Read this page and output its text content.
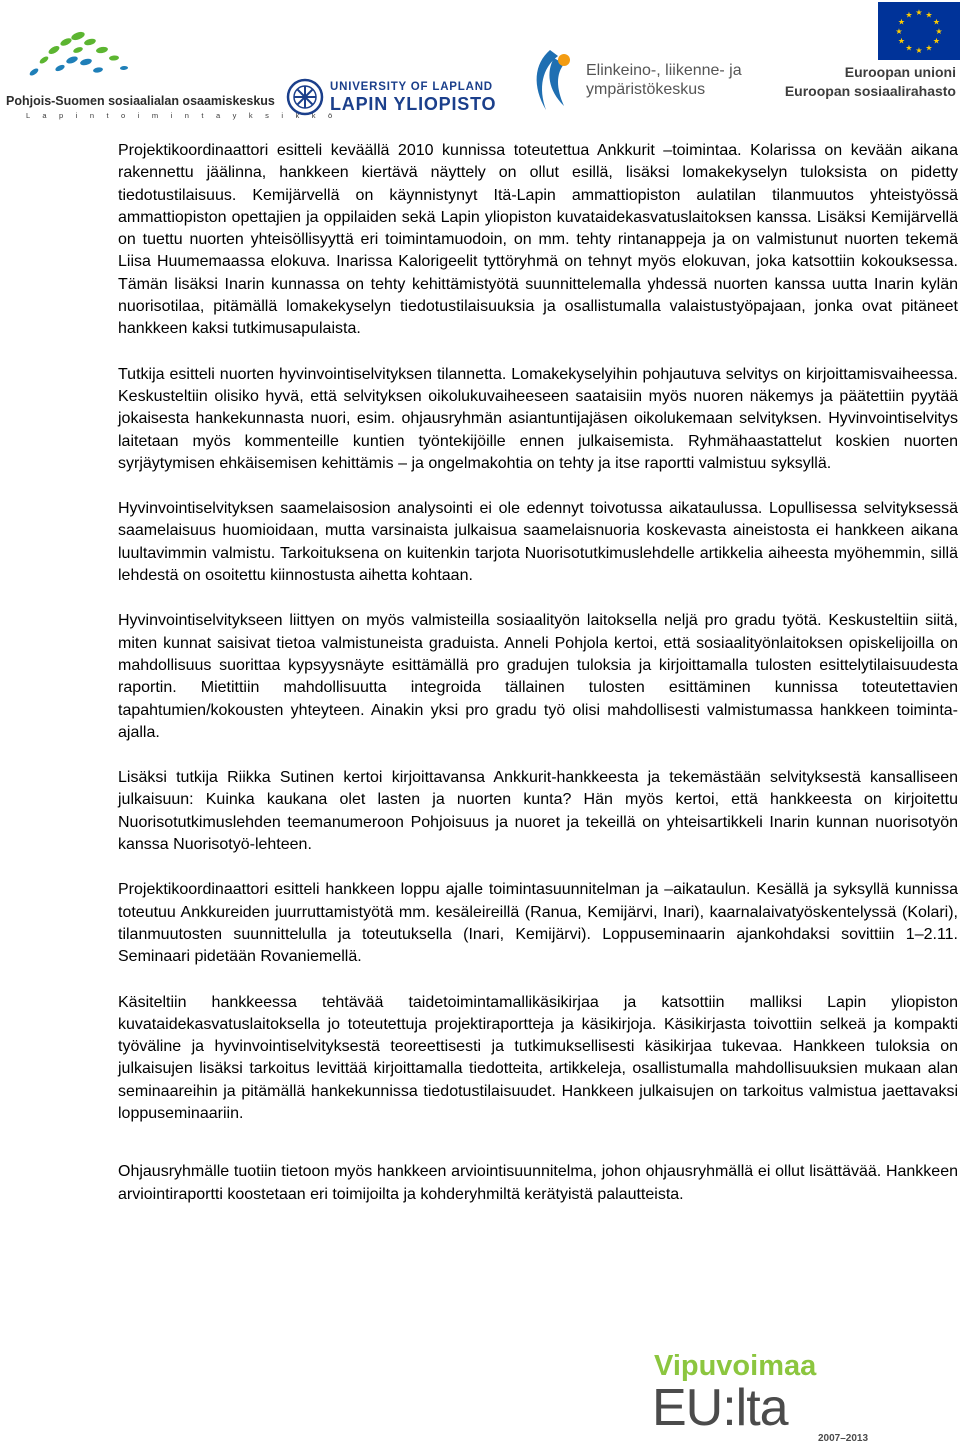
Pohjois-Suomen sosiaalialan osaamiskeskus
L a p i n t o i m i n t a y k s i k k ö
UNIVERSITY OF LAPLAND
LAPIN YLIOPISTO
Elinkeino-, liikenne- ja
ympäristökeskus
★ ★
★
★
★
★
★
★
★
★
★
★
Euroopan unioni
Euroopan sosiaalirahasto

Projektikoordinaattori esitteli keväällä 2010 kunnissa toteutettua Ankkurit –toimintaa. Kolarissa on kevään aikana rakennettu jäälinna, hankkeen kiertävä näyttely on ollut esillä, lisäksi lomakekyselyn tuloksista on pidetty tiedotustilaisuus. Kemijärvellä on käynnistynyt Itä-Lapin ammattiopiston aulatilan tilanmuutos yhteistyössä ammattiopiston opettajien ja oppilaiden sekä Lapin yliopiston kuvataidekasvatuslaitoksen kanssa. Lisäksi Kemijärvellä on tuettu nuorten yhteisöllisyyttä eri toimintamuodoin, on mm. tehty rintanappeja ja on valmistunut nuorten tekemä Liisa Huumemaassa elokuva. Inarissa Kalorigeelit tyttöryhmä on tehnyt myös elokuvan, joka katsottiin kokouksessa. Tämän lisäksi Inarin kunnassa on tehty kehittämistyötä suunnittelemalla yhdessä nuorten kanssa uutta Inarin kylän nuorisotilaa, pitämällä lomakekyselyn tiedotustilaisuuksia ja osallistumalla valaistustyöpajaan, jonka ovat pitäneet hankkeen kaksi tutkimusapulaista.

Tutkija esitteli nuorten hyvinvointiselvityksen tilannetta. Lomakekyselyihin pohjautuva selvitys on kirjoittamisvaiheessa. Keskusteltiin olisiko hyvä, että selvityksen oikolukuvaiheeseen saataisiin myös nuoren näkemys ja päätettiin pyytää jokaisesta hankekunnasta nuori, esim. ohjausryhmän asiantuntijajäsen oikolukemaan selvityksen. Hyvinvointiselvitys laitetaan myös kommenteille kuntien työntekijöille ennen julkaisemista. Ryhmähaastattelut koskien nuorten syrjäytymisen ehkäisemisen kehittämis – ja ongelmakohtia on tehty ja itse raportti valmistuu syksyllä.

Hyvinvointiselvityksen saamelaisosion analysointi ei ole edennyt toivotussa aikataulussa. Lopullisessa selvityksessä saamelaisuus huomioidaan, mutta varsinaista julkaisua saamelaisnuoria koskevasta aineistosta ei hankkeen aikana luultavimmin valmistu. Tarkoituksena on kuitenkin tarjota Nuorisotutkimuslehdelle artikkelia aiheesta myöhemmin, sillä lehdestä on osoitettu kiinnostusta aihetta kohtaan.

Hyvinvointiselvitykseen liittyen on myös valmisteilla sosiaalityön laitoksella neljä pro gradu työtä. Keskusteltiin siitä, miten kunnat saisivat tietoa valmistuneista graduista. Anneli Pohjola kertoi, että sosiaalityönlaitoksen opiskelijoilla on mahdollisuus suorittaa kypsyysnäyte esittämällä pro gradujen tuloksia ja kirjoittamalla tulosten esittelytilaisuudesta raportin. Mietittiin mahdollisuutta integroida tällainen tulosten esittäminen kunnissa toteutettavien tapahtumien/kokousten yhteyteen. Ainakin yksi pro gradu työ olisi mahdollisesti valmistumassa hankkeen toiminta-ajalla.

Lisäksi tutkija Riikka Sutinen kertoi kirjoittavansa Ankkurit-hankkeesta ja tekemästään selvityksestä kansalliseen julkaisuun: Kuinka kaukana olet lasten ja nuorten kunta? Hän myös kertoi, että hankkeesta on kirjoitettu Nuorisotutkimuslehden teemanumeroon Pohjoisuus ja nuoret ja tekeillä on yhteisartikkeli Inarin kunnan nuorisotyön kanssa Nuorisotyö-lehteen.

Projektikoordinaattori esitteli hankkeen loppu ajalle toimintasuunnitelman ja –aikataulun. Kesällä ja syksyllä kunnissa toteutuu Ankkureiden juurruttamistyötä mm. kesäleireillä (Ranua, Kemijärvi, Inari), kaarnalaivatyöskentelyssä (Kolari), tilanmuutosten suunnittelulla ja toteutuksella (Inari, Kemijärvi). Loppuseminaarin ajankohdaksi sovittiin 1–2.11. Seminaari pidetään Rovaniemellä.

Käsiteltiin hankkeessa tehtävää taidetoimintamallikäsikirjaa ja katsottiin malliksi Lapin yliopiston kuvataidekasvatuslaitoksella jo toteutettuja projektiraportteja ja käsikirjoja. Käsikirjasta toivottiin selkeä ja kompakti työväline ja hyvinvointiselvityksestä teoreettisesti ja tutkimuksellisesti käsikirjaa tukevaa. Hankkeen tuloksia on julkaisujen lisäksi tarkoitus levittää kirjoittamalla tiedotteita, artikkeleja, osallistumalla mahdollisuuksien mukaan alan seminaareihin ja pitämällä hankekunnissa tiedotustilaisuudet. Hankkeen julkaisujen on tarkoitus valmistua jaettavaksi loppuseminaariin.

Ohjausryhmälle tuotiin tietoon myös hankkeen arviointisuunnitelma, johon ohjausryhmällä ei ollut lisättävää. Hankkeen arviointiraportti koostetaan eri toimijoilta ja kohderyhmiltä kerätyistä palautteista.

Vipuvoimaa
EU:lta
2007–2013
